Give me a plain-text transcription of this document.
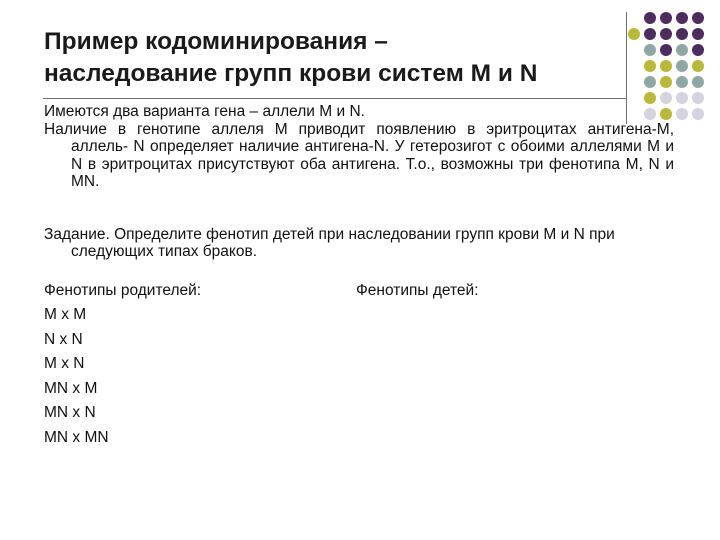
Пример кодоминирования –
наследование групп крови систем М и N

Имеются два варианта гена – аллели М и N.

Наличие в генотипе аллеля М приводит появлению в эритроцитах антигена-М, аллель- N определяет наличие антигена-N. У гетерозигот с обоими аллелями М и N в эритроцитах присутствуют оба антигена. Т.о., возможны три фенотипа М, N и МN.

Задание. Определите фенотип детей при наследовании групп крови М и N при следующих типах браков.

Фенотипы родителей:	Фенотипы детей:
M x M
N x N
M x N
MN x M
MN x N
MN x MN
